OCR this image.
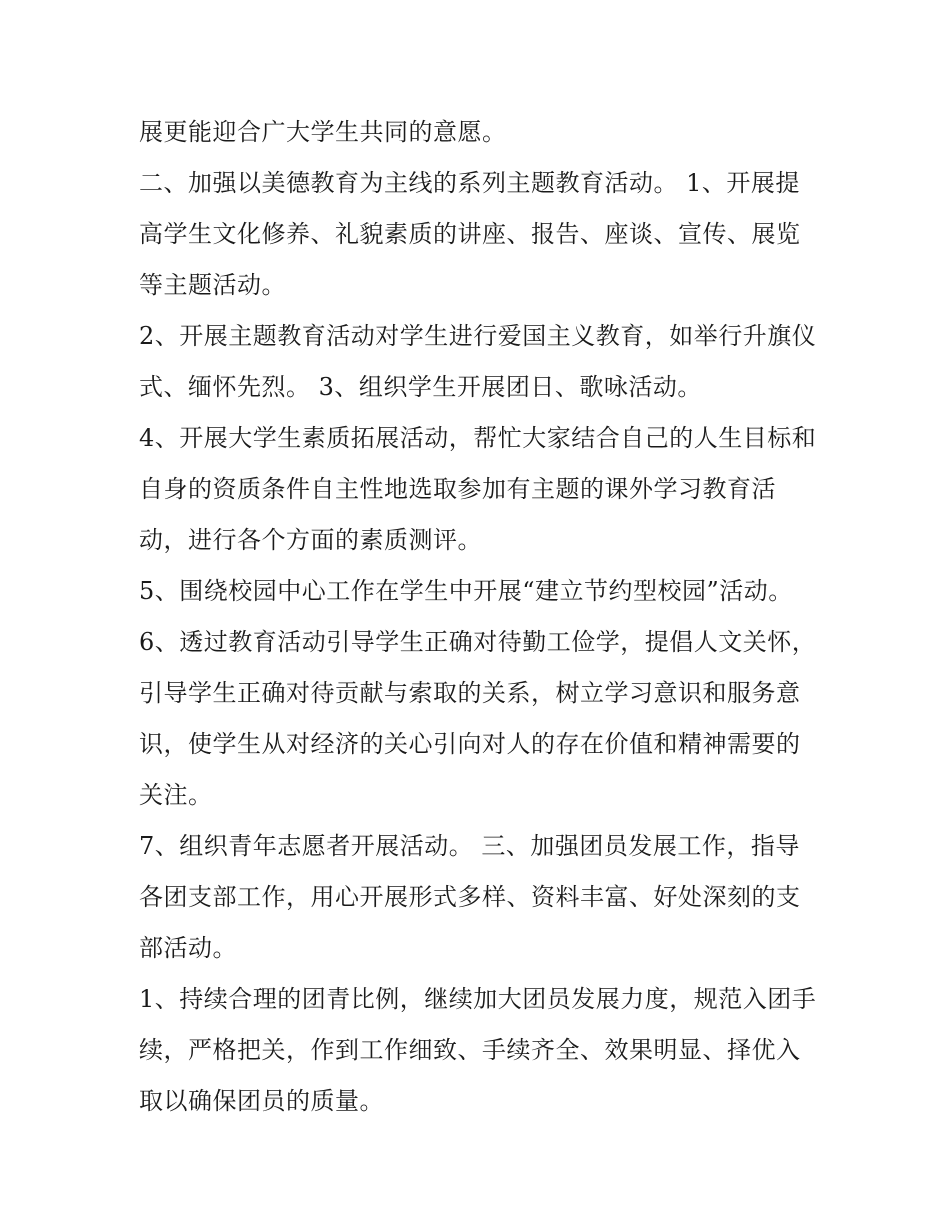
展更能迎合广大学生共同的意愿。

二、加强以美德教育为主线的系列主题教育活动。 1、开展提高学生文化修养、礼貌素质的讲座、报告、座谈、宣传、展览等主题活动。

2、开展主题教育活动对学生进行爱国主义教育，如举行升旗仪式、缅怀先烈。 3、组织学生开展团日、歌咏活动。

4、开展大学生素质拓展活动，帮忙大家结合自己的人生目标和自身的资质条件自主性地选取参加有主题的课外学习教育活动，进行各个方面的素质测评。

5、围绕校园中心工作在学生中开展“建立节约型校园”活动。

6、透过教育活动引导学生正确对待勤工俭学，提倡人文关怀，引导学生正确对待贡献与索取的关系，树立学习意识和服务意识，使学生从对经济的关心引向对人的存在价值和精神需要的关注。

7、组织青年志愿者开展活动。 三、加强团员发展工作，指导各团支部工作，用心开展形式多样、资料丰富、好处深刻的支部活动。

1、持续合理的团青比例，继续加大团员发展力度，规范入团手续，严格把关，作到工作细致、手续齐全、效果明显、择优入取以确保团员的质量。
